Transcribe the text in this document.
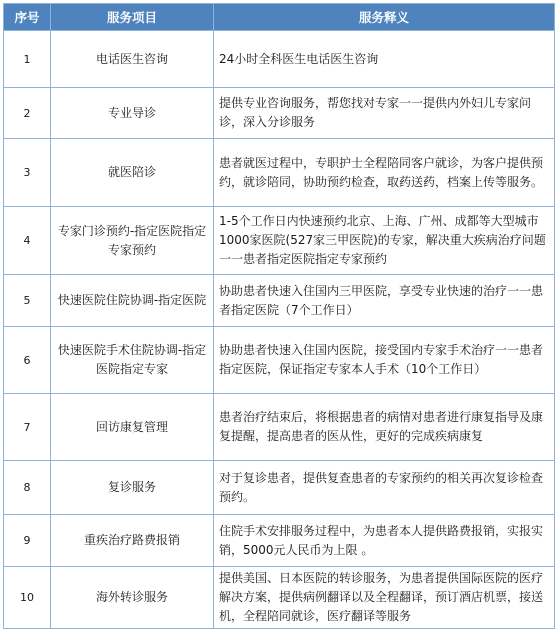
序号	服务项目	服务释义
1	电话医生咨询	24小时全科医生电话医生咨询
2	专业导诊	提供专业咨询服务，帮您找对专家一一提供内外妇儿专家问诊，深入分诊服务
3	就医陪诊	患者就医过程中，专职护士全程陪同客户就诊，为客户提供预约，就诊陪同，协助预约检查，取药送药，档案上传等服务。
4	专家门诊预约-指定医院指定专家预约	1-5个工作日内快速预约北京、上海、广州、成都等大型城市1000家医院(527家三甲医院)的专家，解决重大疾病治疗问题一一患者指定医院指定专家预约
5	快速医院住院协调-指定医院	协助患者快速入住国内三甲医院，享受专业快速的治疗一一患者指定医院（7个工作日）
6	快速医院手术住院协调-指定医院指定专家	协助患者快速入住国内医院，接受国内专家手术治疗一一患者指定医院，保证指定专家本人手术（10个工作日）
7	回访康复管理	患者治疗结束后，将根据患者的病情对患者进行康复指导及康复提醒，提高患者的医从性，更好的完成疾病康复
8	复诊服务	对于复诊患者，提供复查患者的专家预约的相关再次复诊检查预约。
9	重疾治疗路费报销	住院手术安排服务过程中，为患者本人提供路费报销，实报实销，5000元人民币为上限 。
10	海外转诊服务	提供美国、日本医院的转诊服务，为患者提供国际医院的医疗解决方案，提供病例翻译以及全程翻译，预订酒店机票，接送机，全程陪同就诊，医疗翻译等服务
